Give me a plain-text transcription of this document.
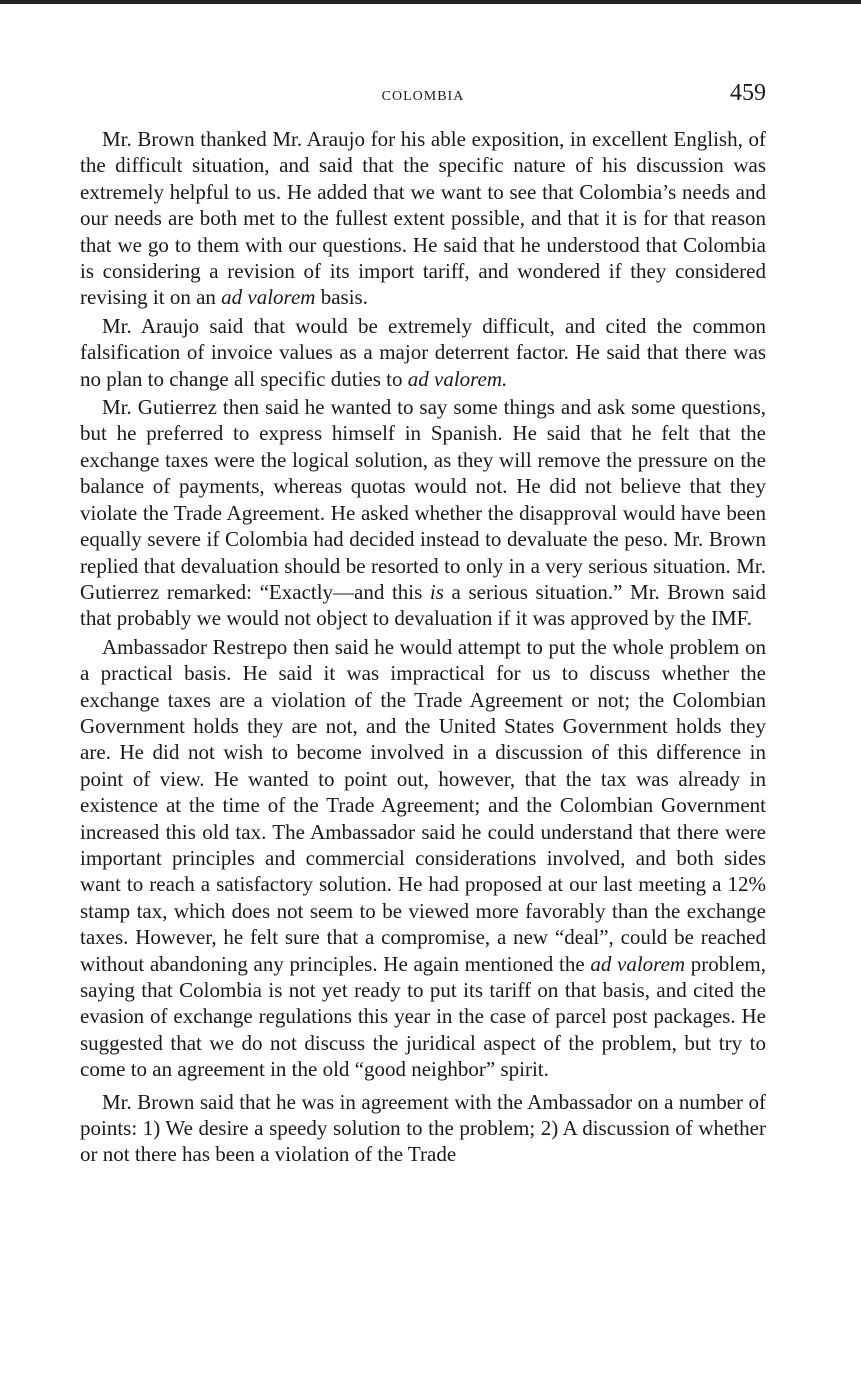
COLOMBIA	459

Mr. Brown thanked Mr. Araujo for his able exposition, in excellent English, of the difficult situation, and said that the specific nature of his discussion was extremely helpful to us. He added that we want to see that Colombia’s needs and our needs are both met to the fullest extent possible, and that it is for that reason that we go to them with our questions. He said that he understood that Colombia is considering a revision of its import tariff, and wondered if they considered revising it on an ad valorem basis.

Mr. Araujo said that would be extremely difficult, and cited the common falsification of invoice values as a major deterrent factor. He said that there was no plan to change all specific duties to ad valorem.

Mr. Gutierrez then said he wanted to say some things and ask some questions, but he preferred to express himself in Spanish. He said that he felt that the exchange taxes were the logical solution, as they will remove the pressure on the balance of payments, whereas quotas would not. He did not believe that they violate the Trade Agreement. He asked whether the disapproval would have been equally severe if Colombia had decided instead to devaluate the peso. Mr. Brown replied that devaluation should be resorted to only in a very serious situation. Mr. Gutierrez remarked: “Exactly—and this is a serious situation.” Mr. Brown said that probably we would not object to devaluation if it was approved by the IMF.

Ambassador Restrepo then said he would attempt to put the whole problem on a practical basis. He said it was impractical for us to discuss whether the exchange taxes are a violation of the Trade Agreement or not; the Colombian Government holds they are not, and the United States Government holds they are. He did not wish to become involved in a discussion of this difference in point of view. He wanted to point out, however, that the tax was already in existence at the time of the Trade Agreement; and the Colombian Government increased this old tax. The Ambassador said he could understand that there were important principles and commercial considerations involved, and both sides want to reach a satisfactory solution. He had proposed at our last meeting a 12% stamp tax, which does not seem to be viewed more favorably than the exchange taxes. However, he felt sure that a compromise, a new “deal”, could be reached without abandoning any principles. He again mentioned the ad valorem problem, saying that Colombia is not yet ready to put its tariff on that basis, and cited the evasion of exchange regulations this year in the case of parcel post packages. He suggested that we do not discuss the juridical aspect of the problem, but try to come to an agreement in the old “good neighbor” spirit.

Mr. Brown said that he was in agreement with the Ambassador on a number of points: 1) We desire a speedy solution to the problem; 2) A discussion of whether or not there has been a violation of the Trade
